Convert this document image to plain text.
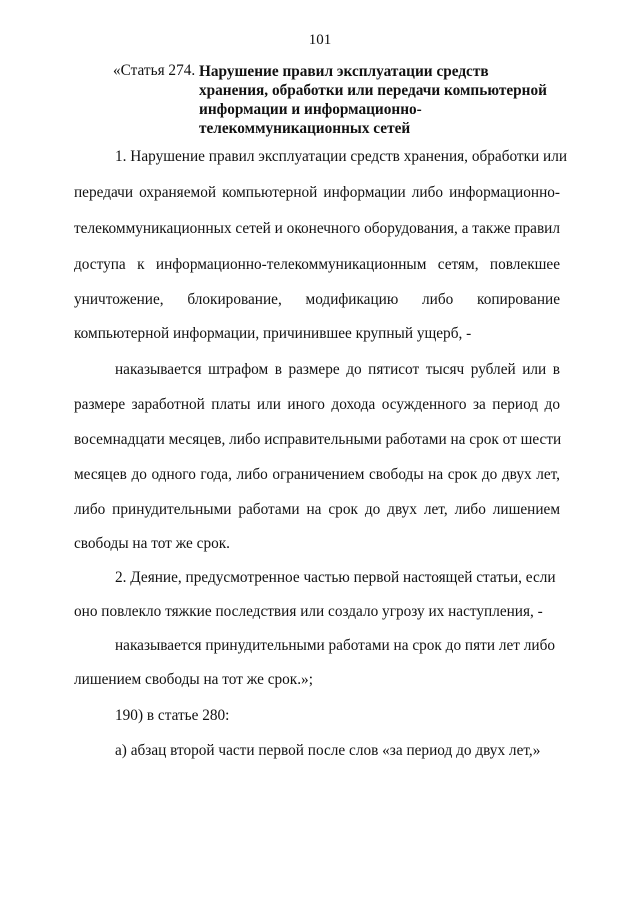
101
«Статья 274. Нарушение правил эксплуатации средств хранения, обработки или передачи компьютерной информации и информационно-телекоммуникационных сетей
1. Нарушение правил эксплуатации средств хранения, обработки или
передачи охраняемой компьютерной информации либо информационно-
телекоммуникационных сетей и оконечного оборудования, а также правил
доступа к информационно-телекоммуникационным сетям, повлекшее
уничтожение, блокирование, модификацию либо копирование
компьютерной информации, причинившее крупный ущерб, -
наказывается штрафом в размере до пятисот тысяч рублей или в
размере заработной платы или иного дохода осужденного за период до
восемнадцати месяцев, либо исправительными работами на срок от шести
месяцев до одного года, либо ограничением свободы на срок до двух лет,
либо принудительными работами на срок до двух лет, либо лишением
свободы на тот же срок.
2. Деяние, предусмотренное частью первой настоящей статьи, если
оно повлекло тяжкие последствия или создало угрозу их наступления, -
наказывается принудительными работами на срок до пяти лет либо
лишением свободы на тот же срок.»;
190) в статье 280:
а) абзац второй части первой после слов «за период до двух лет,»
